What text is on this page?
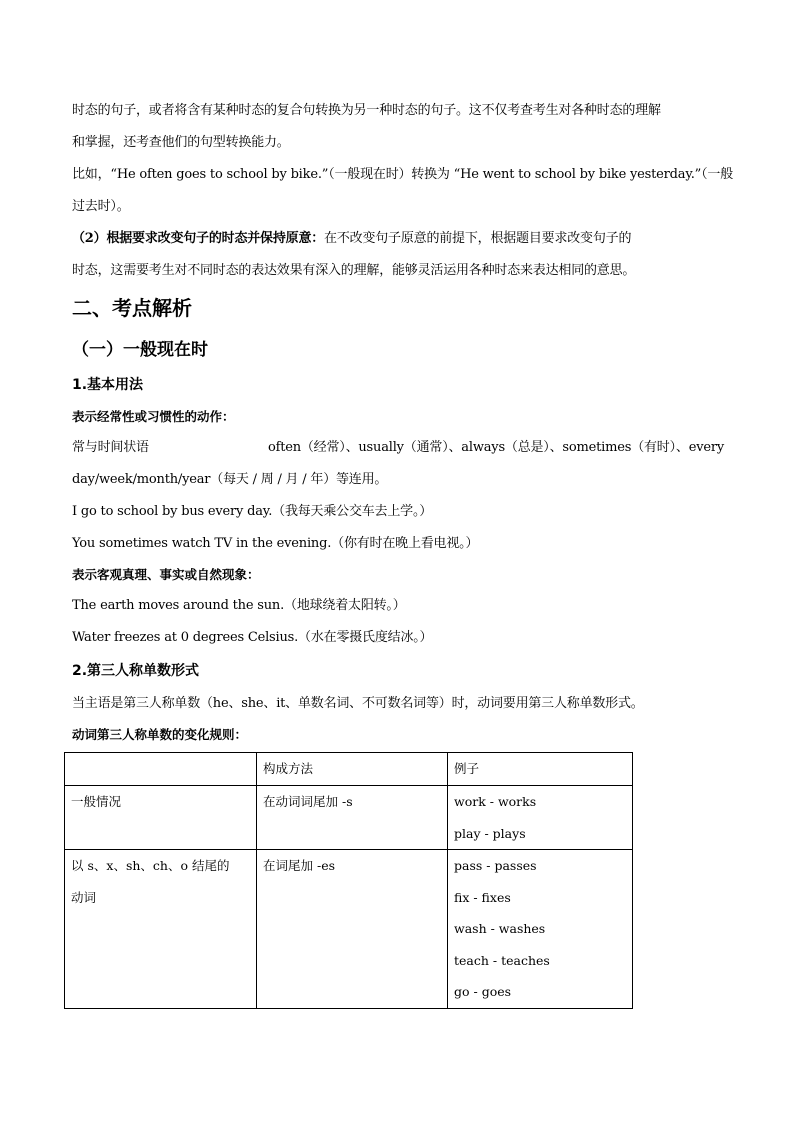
时态的句子，或者将含有某种时态的复合句转换为另一种时态的句子。这不仅考查考生对各种时态的理解

和掌握，还考查他们的句型转换能力。

比如，“He often goes to school by bike.”（一般现在时）转换为 “He went to school by bike yesterday.”（一般

过去时）。

（2）根据要求改变句子的时态并保持原意：在不改变句子原意的前提下，根据题目要求改变句子的

时态，这需要考生对不同时态的表达效果有深入的理解，能够灵活运用各种时态来表达相同的意思。

二、考点解析

（一）一般现在时

1.基本用法

表示经常性或习惯性的动作：

常与时间状语	often（经常）、usually（通常）、always（总是）、sometimes（有时）、every

day/week/month/year（每天 / 周 / 月 / 年）等连用。

I go to school by bus every day.（我每天乘公交车去上学。）

You sometimes watch TV in the evening.（你有时在晚上看电视。）

表示客观真理、事实或自然现象：

The earth moves around the sun.（地球绕着太阳转。）

Water freezes at 0 degrees Celsius.（水在零摄氏度结冰。）

2.第三人称单数形式

当主语是第三人称单数（he、she、it、单数名词、不可数名词等）时，动词要用第三人称单数形式。

动词第三人称单数的变化规则：

	构成方法	例子
一般情况	在动词词尾加 -s	work - works
play - plays

以 s、x、sh、ch、o 结尾的
动词	在词尾加 -es	pass - passes
fix - fixes
wash - washes
teach - teaches
go - goes
